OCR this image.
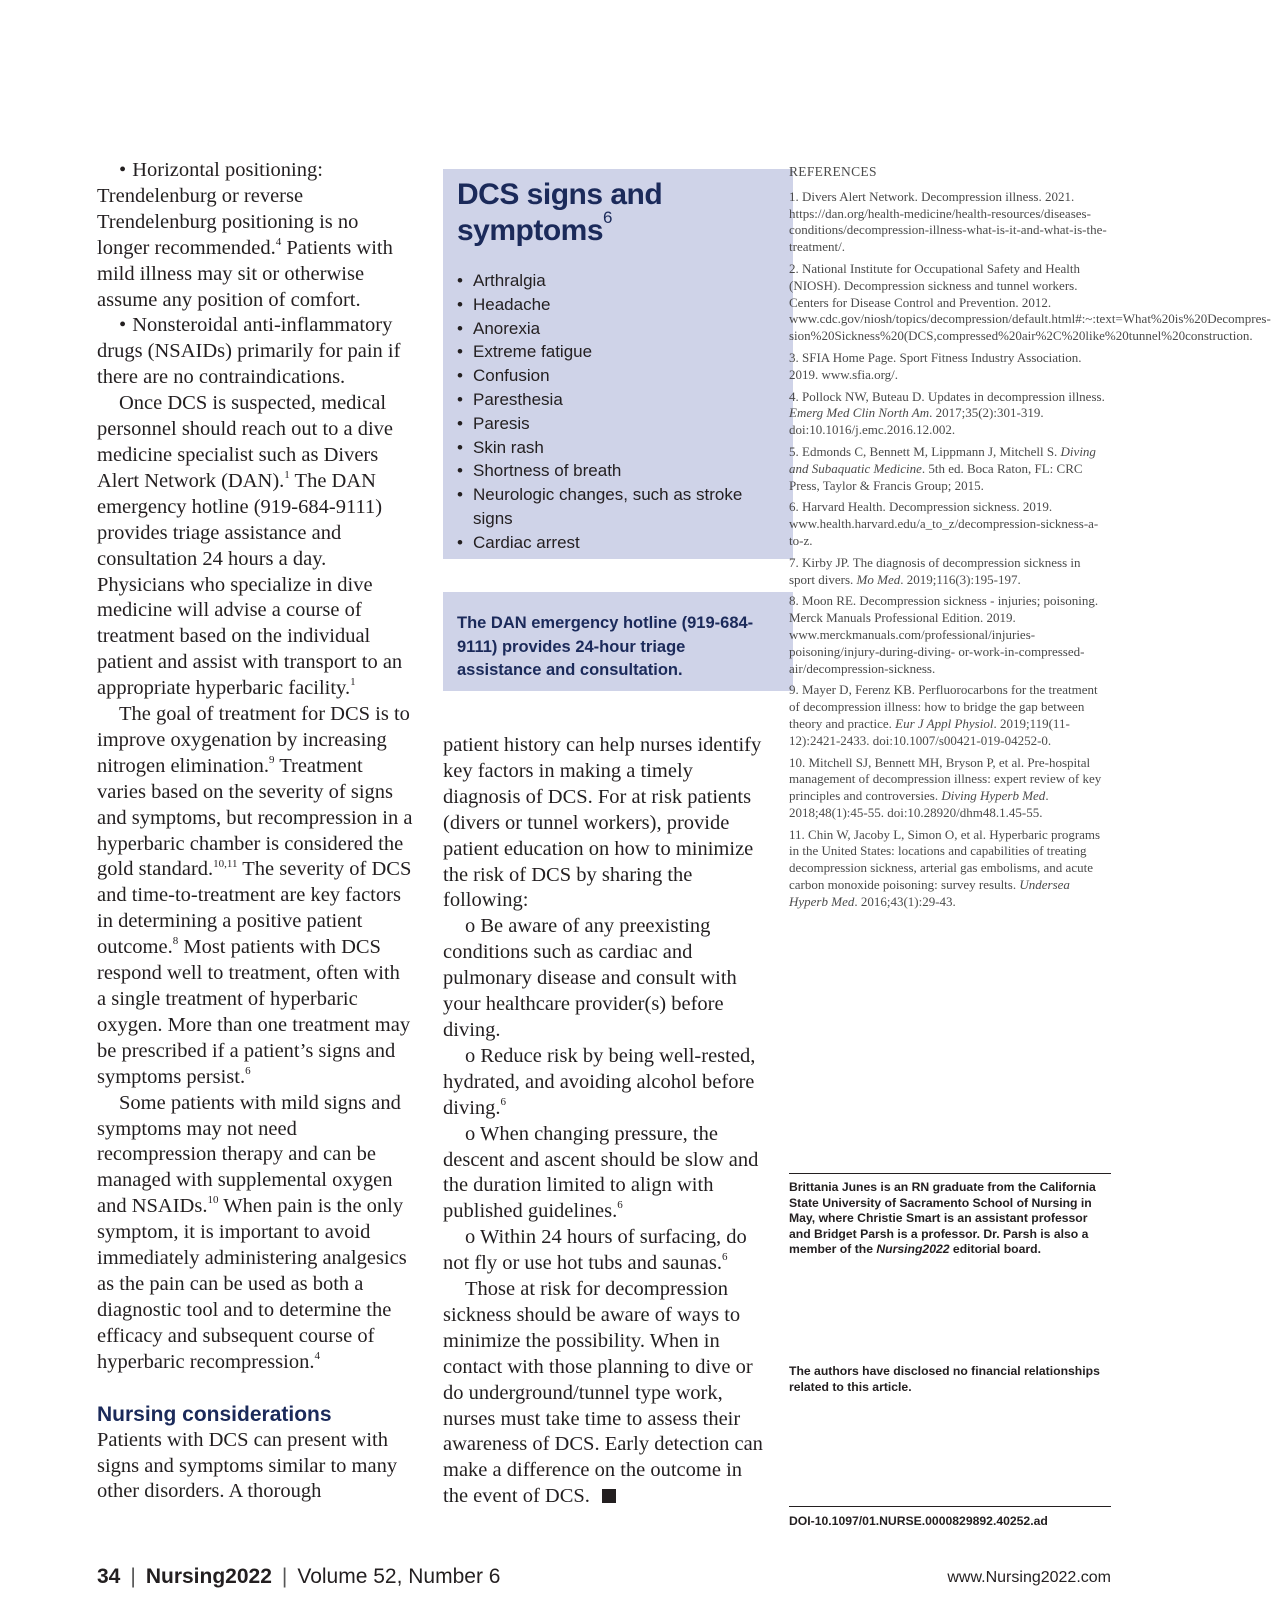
• Horizontal positioning: Trendelenburg or reverse Trendelenburg positioning is no longer recommended.$^4$ Patients with mild illness may sit or otherwise assume any position of comfort.

• Nonsteroidal anti-inflammatory drugs (NSAIDs) primarily for pain if there are no contraindications.

Once DCS is suspected, medical personnel should reach out to a dive medicine specialist such as Divers Alert Network (DAN).$^1$ The DAN emergency hotline (919-684-9111) provides triage assistance and consultation 24 hours a day. Physicians who specialize in dive medicine will advise a course of treatment based on the individual patient and assist with transport to an appropriate hyperbaric facility.$^1$

The goal of treatment for DCS is to improve oxygenation by increasing nitrogen elimination.$^9$ Treatment varies based on the severity of signs and symptoms, but recompression in a hyperbaric chamber is considered the gold standard.$^{10,11}$ The severity of DCS and time-to-treatment are key factors in determining a positive patient outcome.$^8$ Most patients with DCS respond well to treatment, often with a single treatment of hyperbaric oxygen. More than one treatment may be prescribed if a patient’s signs and symptoms persist.$^6$

Some patients with mild signs and symptoms may not need recompression therapy and can be managed with supplemental oxygen and NSAIDs.$^{10}$ When pain is the only symptom, it is important to avoid immediately administering analgesics as the pain can be used as both a diagnostic tool and to determine the efficacy and subsequent course of hyperbaric recompression.$^4$

Nursing considerations

Patients with DCS can present with signs and symptoms similar to many other disorders. A thorough

DCS signs and symptoms$^6$
• Arthralgia
• Headache
• Anorexia
• Extreme fatigue
• Confusion
• Paresthesia
• Paresis
• Skin rash
• Shortness of breath
• Neurologic changes, such as stroke signs
• Cardiac arrest

The DAN emergency hotline (919-684-9111) provides 24-hour triage assistance and consultation.

patient history can help nurses identify key factors in making a timely diagnosis of DCS. For at risk patients (divers or tunnel workers), provide patient education on how to minimize the risk of DCS by sharing the following:

o Be aware of any preexisting conditions such as cardiac and pulmonary disease and consult with your healthcare provider(s) before diving.

o Reduce risk by being well-rested, hydrated, and avoiding alcohol before diving.$^6$

o When changing pressure, the descent and ascent should be slow and the duration limited to align with published guidelines.$^6$

o Within 24 hours of surfacing, do not fly or use hot tubs and saunas.$^6$

Those at risk for decompression sickness should be aware of ways to minimize the possibility. When in contact with those planning to dive or do underground/tunnel type work, nurses must take time to assess their awareness of DCS. Early detection can make a difference on the outcome in the event of DCS.

REFERENCES

1. Divers Alert Network. Decompression illness. 2021. https://dan.org/health-medicine/health-resources/diseases-conditions/decompression-illness-what-is-it-and-what-is-the-treatment/.

2. National Institute for Occupational Safety and Health (NIOSH). Decompression sickness and tunnel workers. Centers for Disease Control and Prevention. 2012. www.cdc.gov/niosh/topics/decompression/default.html#:~:text=What%20is%20Decompres-sion%20Sickness%20(DCS,compressed%20air%2C%20like%20tunnel%20construction.

3. SFIA Home Page. Sport Fitness Industry Association. 2019. www.sfia.org/.

4. Pollock NW, Buteau D. Updates in decompression illness. Emerg Med Clin North Am. 2017;35(2):301-319. doi:10.1016/j.emc.2016.12.002.

5. Edmonds C, Bennett M, Lippmann J, Mitchell S. Diving and Subaquatic Medicine. 5th ed. Boca Raton, FL: CRC Press, Taylor & Francis Group; 2015.

6. Harvard Health. Decompression sickness. 2019. www.health.harvard.edu/a_to_z/decompression-sickness-a-to-z.

7. Kirby JP. The diagnosis of decompression sickness in sport divers. Mo Med. 2019;116(3):195-197.

8. Moon RE. Decompression sickness - injuries; poisoning. Merck Manuals Professional Edition. 2019. www.merckmanuals.com/professional/injuries-poisoning/injury-during-diving- or-work-in-compressed-air/decompression-sickness.

9. Mayer D, Ferenz KB. Perfluorocarbons for the treatment of decompression illness: how to bridge the gap between theory and practice. Eur J Appl Physiol. 2019;119(11-12):2421-2433. doi:10.1007/s00421-019-04252-0.

10. Mitchell SJ, Bennett MH, Bryson P, et al. Pre-hospital management of decompression illness: expert review of key principles and controversies. Diving Hyperb Med. 2018;48(1):45-55. doi:10.28920/dhm48.1.45-55.

11. Chin W, Jacoby L, Simon O, et al. Hyperbaric programs in the United States: locations and capabilities of treating decompression sickness, arterial gas embolisms, and acute carbon monoxide poisoning: survey results. Undersea Hyperb Med. 2016;43(1):29-43.

Brittania Junes is an RN graduate from the California State University of Sacramento School of Nursing in May, where Christie Smart is an assistant professor and Bridget Parsh is a professor. Dr. Parsh is also a member of the Nursing2022 editorial board.
The authors have disclosed no financial relationships related to this article.
DOI-10.1097/01.NURSE.0000829892.40252.ad
34 | Nursing2022 | Volume 52, Number 6	www.Nursing2022.com
